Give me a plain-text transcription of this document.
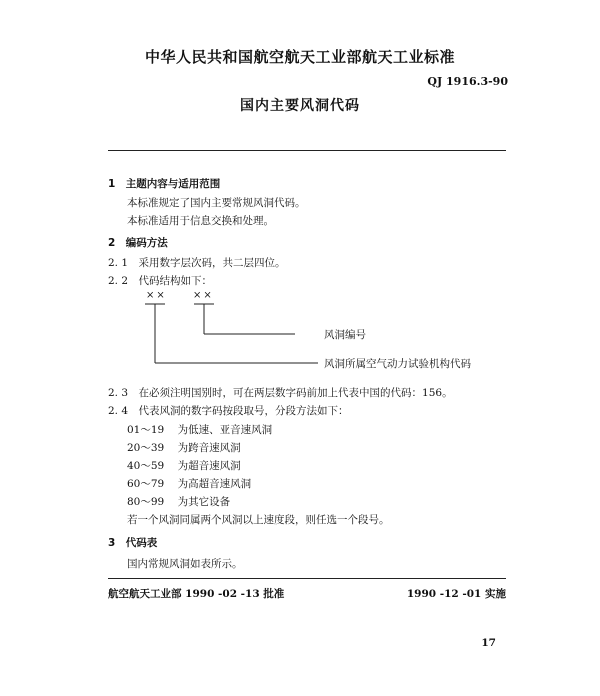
中华人民共和国航空航天工业部航天工业标准
QJ 1916.3-90
国内主要风洞代码
1　主题内容与适用范围
本标准规定了国内主要常规风洞代码。
本标准适用于信息交换和处理。
2　编码方法
2. 1　采用数字层次码，共二层四位。
2. 2　代码结构如下：
××	××
风洞编号
风洞所属空气动力试验机构代码
2. 3　在必须注明国别时，可在两层数字码前加上代表中国的代码：156。
2. 4　代表风洞的数字码按段取号，分段方法如下：
01～19 为低速、亚音速风洞
20～39 为跨音速风洞
40～59 为超音速风洞
60～79 为高超音速风洞
80～99 为其它设备
若一个风洞同属两个风洞以上速度段，则任选一个段号。
3　代码表
国内常规风洞如表所示。
航空航天工业部 1990 -02 -13 批准	1990 -12 -01 实施
17
